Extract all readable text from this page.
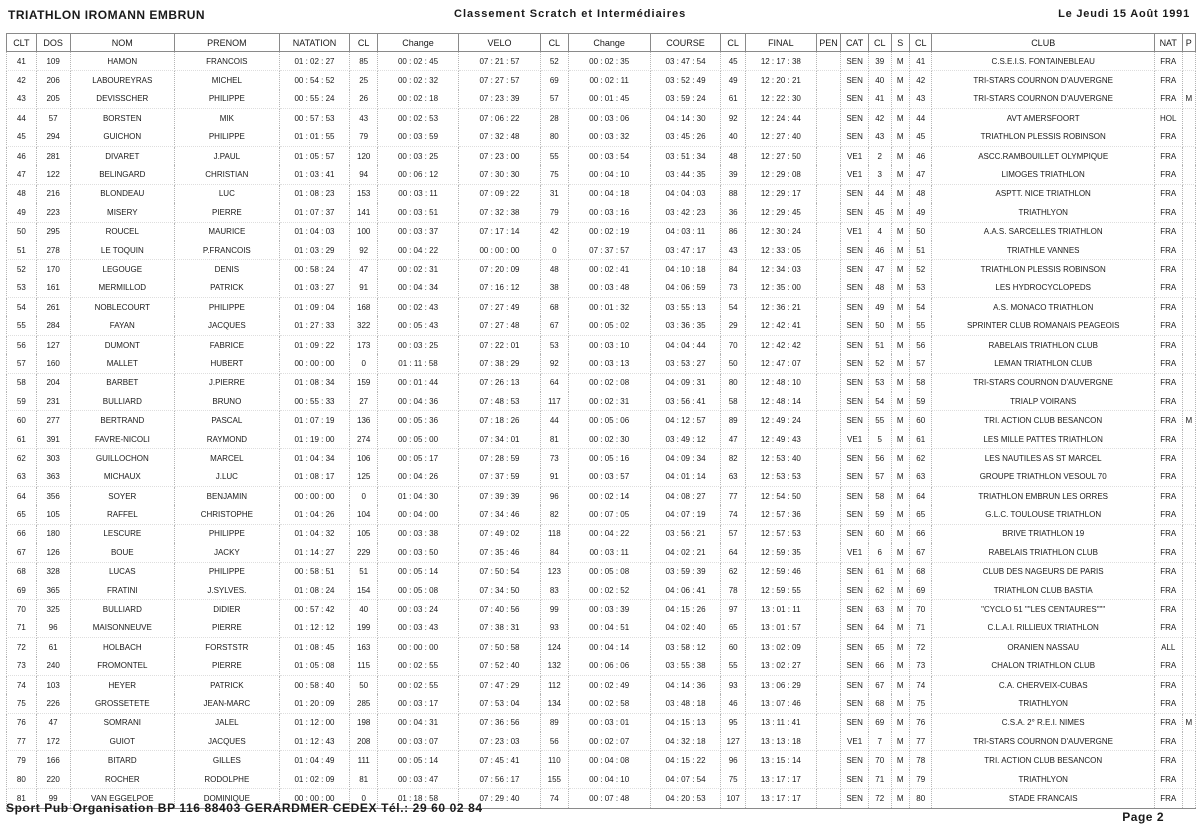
TRIATHLON IROMANN EMBRUN	Classement Scratch et Intermédiaires	Le Jeudi 15 Août 1991
CLT	DOS	NOM	PRENOM	NATATION	CL	Change	VELO	CL	Change	COURSE	CL	FINAL	PEN	CAT	CL	S	CL	CLUB	NAT	P
41	109	HAMON	FRANCOIS	01 : 02 : 27	85	00 : 02 : 45	07 : 21 : 57	52	00 : 02 : 35	03 : 47 : 54	45	12 : 17 : 38		SEN	39	M	41	C.S.E.I.S. FONTAINEBLEAU	FRA	
42	206	LABOUREYRAS	MICHEL	00 : 54 : 52	25	00 : 02 : 32	07 : 27 : 57	69	00 : 02 : 11	03 : 52 : 49	49	12 : 20 : 21		SEN	40	M	42	TRI-STARS COURNON D'AUVERGNE	FRA	
43	205	DEVISSCHER	PHILIPPE	00 : 55 : 24	26	00 : 02 : 18	07 : 23 : 39	57	00 : 01 : 45	03 : 59 : 24	61	12 : 22 : 30		SEN	41	M	43	TRI-STARS COURNON D'AUVERGNE	FRA	M
44	57	BORSTEN	MIK	00 : 57 : 53	43	00 : 02 : 53	07 : 06 : 22	28	00 : 03 : 06	04 : 14 : 30	92	12 : 24 : 44		SEN	42	M	44	AVT AMERSFOORT	HOL	
45	294	GUICHON	PHILIPPE	01 : 01 : 55	79	00 : 03 : 59	07 : 32 : 48	80	00 : 03 : 32	03 : 45 : 26	40	12 : 27 : 40		SEN	43	M	45	TRIATHLON PLESSIS ROBINSON	FRA	
46	281	DIVARET	J.PAUL	01 : 05 : 57	120	00 : 03 : 25	07 : 23 : 00	55	00 : 03 : 54	03 : 51 : 34	48	12 : 27 : 50		VE1	2	M	46	ASCC.RAMBOUILLET OLYMPIQUE	FRA	
47	122	BELINGARD	CHRISTIAN	01 : 03 : 41	94	00 : 06 : 12	07 : 30 : 30	75	00 : 04 : 10	03 : 44 : 35	39	12 : 29 : 08		VE1	3	M	47	LIMOGES TRIATHLON	FRA	
48	216	BLONDEAU	LUC	01 : 08 : 23	153	00 : 03 : 11	07 : 09 : 22	31	00 : 04 : 18	04 : 04 : 03	88	12 : 29 : 17		SEN	44	M	48	ASPTT. NICE TRIATHLON	FRA	
49	223	MISERY	PIERRE	01 : 07 : 37	141	00 : 03 : 51	07 : 32 : 38	79	00 : 03 : 16	03 : 42 : 23	36	12 : 29 : 45		SEN	45	M	49	TRIATHLYON	FRA	
50	295	ROUCEL	MAURICE	01 : 04 : 03	100	00 : 03 : 37	07 : 17 : 14	42	00 : 02 : 19	04 : 03 : 11	86	12 : 30 : 24		VE1	4	M	50	A.A.S. SARCELLES TRIATHLON	FRA	
51	278	LE TOQUIN	P.FRANCOIS	01 : 03 : 29	92	00 : 04 : 22	00 : 00 : 00	0	07 : 37 : 57	03 : 47 : 17	43	12 : 33 : 05		SEN	46	M	51	TRIATHLE VANNES	FRA	
52	170	LEGOUGE	DENIS	00 : 58 : 24	47	00 : 02 : 31	07 : 20 : 09	48	00 : 02 : 41	04 : 10 : 18	84	12 : 34 : 03		SEN	47	M	52	TRIATHLON PLESSIS ROBINSON	FRA	
53	161	MERMILLOD	PATRICK	01 : 03 : 27	91	00 : 04 : 34	07 : 16 : 12	38	00 : 03 : 48	04 : 06 : 59	73	12 : 35 : 00		SEN	48	M	53	LES HYDROCYCLOPEDS	FRA	
54	261	NOBLECOURT	PHILIPPE	01 : 09 : 04	168	00 : 02 : 43	07 : 27 : 49	68	00 : 01 : 32	03 : 55 : 13	54	12 : 36 : 21		SEN	49	M	54	A.S. MONACO TRIATHLON	FRA	
55	284	FAYAN	JACQUES	01 : 27 : 33	322	00 : 05 : 43	07 : 27 : 48	67	00 : 05 : 02	03 : 36 : 35	29	12 : 42 : 41		SEN	50	M	55	SPRINTER CLUB ROMANAIS PEAGEOIS	FRA	
56	127	DUMONT	FABRICE	01 : 09 : 22	173	00 : 03 : 25	07 : 22 : 01	53	00 : 03 : 10	04 : 04 : 44	70	12 : 42 : 42		SEN	51	M	56	RABELAIS TRIATHLON CLUB	FRA	
57	160	MALLET	HUBERT	00 : 00 : 00	0	01 : 11 : 58	07 : 38 : 29	92	00 : 03 : 13	03 : 53 : 27	50	12 : 47 : 07		SEN	52	M	57	LEMAN TRIATHLON CLUB	FRA	
58	204	BARBET	J.PIERRE	01 : 08 : 34	159	00 : 01 : 44	07 : 26 : 13	64	00 : 02 : 08	04 : 09 : 31	80	12 : 48 : 10		SEN	53	M	58	TRI-STARS COURNON D'AUVERGNE	FRA	
59	231	BULLIARD	BRUNO	00 : 55 : 33	27	00 : 04 : 36	07 : 48 : 53	117	00 : 02 : 31	03 : 56 : 41	58	12 : 48 : 14		SEN	54	M	59	TRIALP VOIRANS	FRA	
60	277	BERTRAND	PASCAL	01 : 07 : 19	136	00 : 05 : 36	07 : 18 : 26	44	00 : 05 : 06	04 : 12 : 57	89	12 : 49 : 24		SEN	55	M	60	TRI. ACTION CLUB BESANCON	FRA	M
61	391	FAVRE-NICOLI	RAYMOND	01 : 19 : 00	274	00 : 05 : 00	07 : 34 : 01	81	00 : 02 : 30	03 : 49 : 12	47	12 : 49 : 43		VE1	5	M	61	LES MILLE PATTES TRIATHLON	FRA	
62	303	GUILLOCHON	MARCEL	01 : 04 : 34	106	00 : 05 : 17	07 : 28 : 59	73	00 : 05 : 16	04 : 09 : 34	82	12 : 53 : 40		SEN	56	M	62	LES NAUTILES AS ST MARCEL	FRA	
63	363	MICHAUX	J.LUC	01 : 08 : 17	125	00 : 04 : 26	07 : 37 : 59	91	00 : 03 : 57	04 : 01 : 14	63	12 : 53 : 53		SEN	57	M	63	GROUPE TRIATHLON VESOUL 70	FRA	
64	356	SOYER	BENJAMIN	00 : 00 : 00	0	01 : 04 : 30	07 : 39 : 39	96	00 : 02 : 14	04 : 08 : 27	77	12 : 54 : 50		SEN	58	M	64	TRIATHLON EMBRUN LES ORRES	FRA	
65	105	RAFFEL	CHRISTOPHE	01 : 04 : 26	104	00 : 04 : 00	07 : 34 : 46	82	00 : 07 : 05	04 : 07 : 19	74	12 : 57 : 36		SEN	59	M	65	G.L.C. TOULOUSE TRIATHLON	FRA	
66	180	LESCURE	PHILIPPE	01 : 04 : 32	105	00 : 03 : 38	07 : 49 : 02	118	00 : 04 : 22	03 : 56 : 21	57	12 : 57 : 53		SEN	60	M	66	BRIVE TRIATHLON 19	FRA	
67	126	BOUE	JACKY	01 : 14 : 27	229	00 : 03 : 50	07 : 35 : 46	84	00 : 03 : 11	04 : 02 : 21	64	12 : 59 : 35		VE1	6	M	67	RABELAIS TRIATHLON CLUB	FRA	
68	328	LUCAS	PHILIPPE	00 : 58 : 51	51	00 : 05 : 14	07 : 50 : 54	123	00 : 05 : 08	03 : 59 : 39	62	12 : 59 : 46		SEN	61	M	68	CLUB DES NAGEURS DE PARIS	FRA	
69	365	FRATINI	J.SYLVES.	01 : 08 : 24	154	00 : 05 : 08	07 : 34 : 50	83	00 : 02 : 52	04 : 06 : 41	78	12 : 59 : 55		SEN	62	M	69	TRIATHLON CLUB BASTIA	FRA	
70	325	BULLIARD	DIDIER	00 : 57 : 42	40	00 : 03 : 24	07 : 40 : 56	99	00 : 03 : 39	04 : 15 : 26	97	13 : 01 : 11		SEN	63	M	70	"CYCLO 51 ""LES CENTAURES"""	FRA	
71	96	MAISONNEUVE	PIERRE	01 : 12 : 12	199	00 : 03 : 43	07 : 38 : 31	93	00 : 04 : 51	04 : 02 : 40	65	13 : 01 : 57		SEN	64	M	71	C.L.A.I. RILLIEUX TRIATHLON	FRA	
72	61	HOLBACH	FORSTSTR	01 : 08 : 45	163	00 : 00 : 00	07 : 50 : 58	124	00 : 04 : 14	03 : 58 : 12	60	13 : 02 : 09		SEN	65	M	72	ORANIEN NASSAU	ALL	
73	240	FROMONTEL	PIERRE	01 : 05 : 08	115	00 : 02 : 55	07 : 52 : 40	132	00 : 06 : 06	03 : 55 : 38	55	13 : 02 : 27		SEN	66	M	73	CHALON TRIATHLON CLUB	FRA	
74	103	HEYER	PATRICK	00 : 58 : 40	50	00 : 02 : 55	07 : 47 : 29	112	00 : 02 : 49	04 : 14 : 36	93	13 : 06 : 29		SEN	67	M	74	C.A. CHERVEIX-CUBAS	FRA	
75	226	GROSSETETE	JEAN-MARC	01 : 20 : 09	285	00 : 03 : 17	07 : 53 : 04	134	00 : 02 : 58	03 : 48 : 18	46	13 : 07 : 46		SEN	68	M	75	TRIATHLYON	FRA	
76	47	SOMRANI	JALEL	01 : 12 : 00	198	00 : 04 : 31	07 : 36 : 56	89	00 : 03 : 01	04 : 15 : 13	95	13 : 11 : 41		SEN	69	M	76	C.S.A. 2° R.E.I. NIMES	FRA	M
77	172	GUIOT	JACQUES	01 : 12 : 43	208	00 : 03 : 07	07 : 23 : 03	56	00 : 02 : 07	04 : 32 : 18	127	13 : 13 : 18		VE1	7	M	77	TRI-STARS COURNON D'AUVERGNE	FRA	
79	166	BITARD	GILLES	01 : 04 : 49	111	00 : 05 : 14	07 : 45 : 41	110	00 : 04 : 08	04 : 15 : 22	96	13 : 15 : 14		SEN	70	M	78	TRI. ACTION CLUB BESANCON	FRA	
80	220	ROCHER	RODOLPHE	01 : 02 : 09	81	00 : 03 : 47	07 : 56 : 17	155	00 : 04 : 10	04 : 07 : 54	75	13 : 17 : 17		SEN	71	M	79	TRIATHLYON	FRA	
81	99	VAN EGGELPOE	DOMINIQUE	00 : 00 : 00	0	01 : 18 : 58	07 : 29 : 40	74	00 : 07 : 48	04 : 20 : 53	107	13 : 17 : 17		SEN	72	M	80	STADE FRANCAIS	FRA	
Sport Pub Organisation BP 116 88403 GERARDMER CEDEX Tél.: 29 60 02 84
Page 2
